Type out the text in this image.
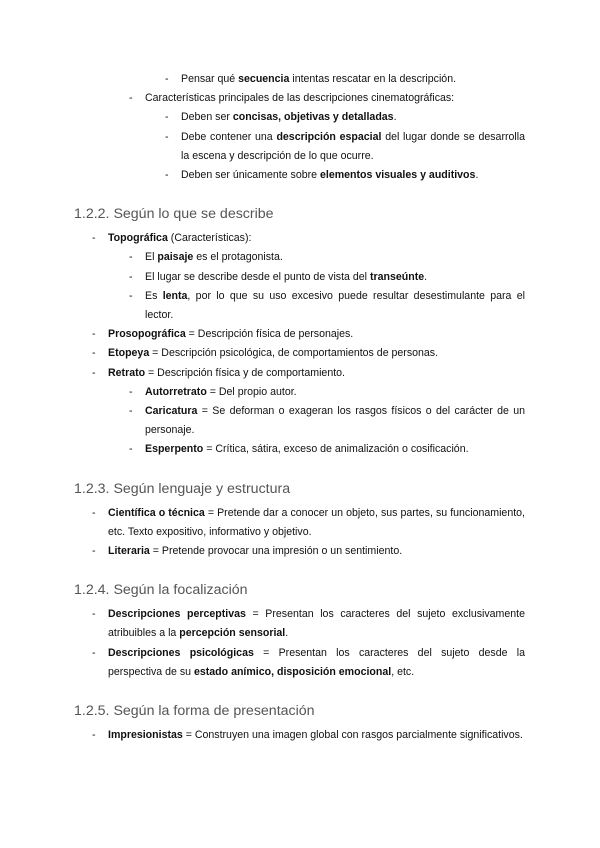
- Pensar qué secuencia intentas rescatar en la descripción.
- Características principales de las descripciones cinematográficas:
- Deben ser concisas, objetivas y detalladas.
- Debe contener una descripción espacial del lugar donde se desarrolla la escena y descripción de lo que ocurre.
- Deben ser únicamente sobre elementos visuales y auditivos.
1.2.2. Según lo que se describe
- Topográfica (Características):
- El paisaje es el protagonista.
- El lugar se describe desde el punto de vista del transeúnte.
- Es lenta, por lo que su uso excesivo puede resultar desestimulante para el lector.
- Prosopográfica = Descripción física de personajes.
- Etopeya = Descripción psicológica, de comportamientos de personas.
- Retrato = Descripción física y de comportamiento.
- Autorretrato = Del propio autor.
- Caricatura = Se deforman o exageran los rasgos físicos o del carácter de un personaje.
- Esperpento = Crítica, sátira, exceso de animalización o cosificación.
1.2.3. Según lenguaje y estructura
- Científica o técnica = Pretende dar a conocer un objeto, sus partes, su funcionamiento, etc. Texto expositivo, informativo y objetivo.
- Literaria = Pretende provocar una impresión o un sentimiento.
1.2.4. Según la focalización
- Descripciones perceptivas = Presentan los caracteres del sujeto exclusivamente atribuibles a la percepción sensorial.
- Descripciones psicológicas = Presentan los caracteres del sujeto desde la perspectiva de su estado anímico, disposición emocional, etc.
1.2.5. Según la forma de presentación
- Impresionistas = Construyen una imagen global con rasgos parcialmente significativos.
